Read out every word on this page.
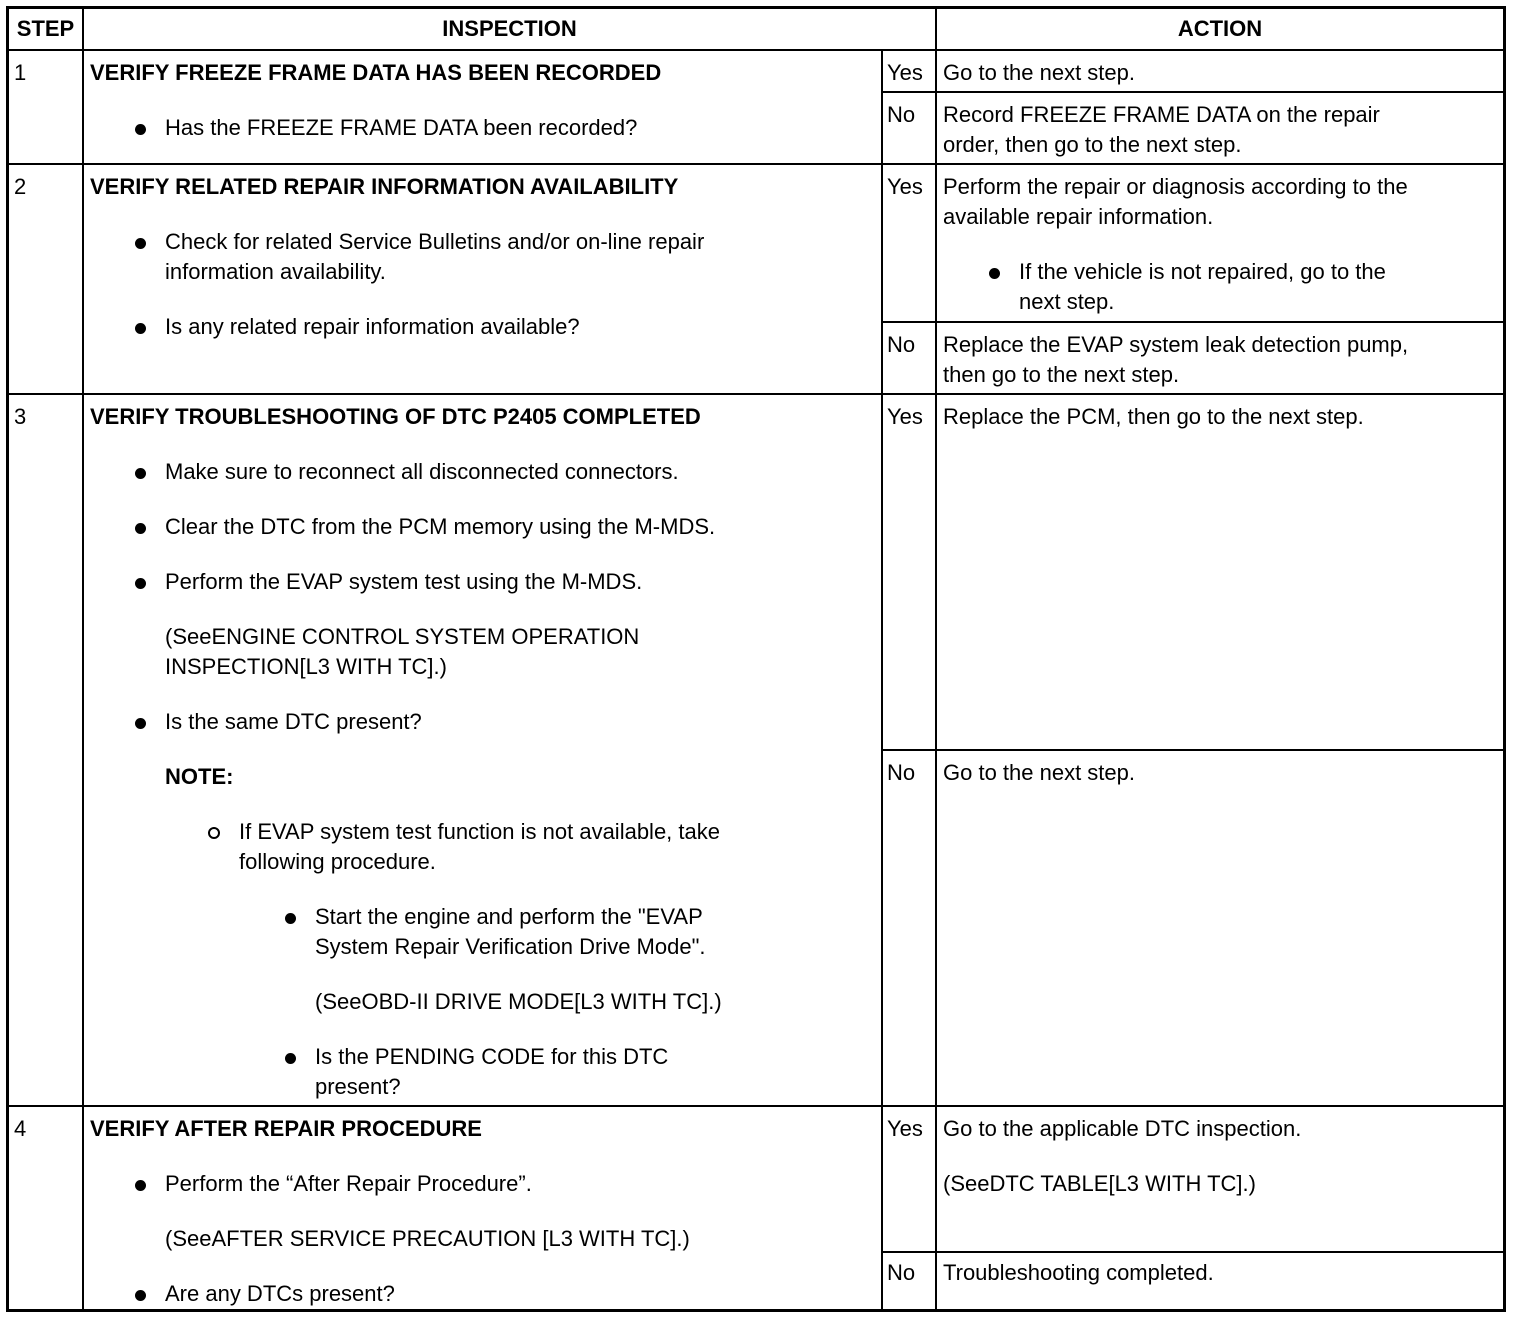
STEP	INSPECTION	ACTION
1	VERIFY FREEZE FRAME DATA HAS BEEN RECORDED
Has the FREEZE FRAME DATA been recorded?
Yes Go to the next step.
No Record FREEZE FRAME DATA on the repair
order, then go to the next step.
2	VERIFY RELATED REPAIR INFORMATION AVAILABILITY
Check for related Service Bulletins and/or on-line repair
information availability.
Is any related repair information available?
Yes Perform the repair or diagnosis according to the
available repair information.
If the vehicle is not repaired, go to the
next step.
No Replace the EVAP system leak detection pump,
then go to the next step.
3	VERIFY TROUBLESHOOTING OF DTC P2405 COMPLETED
Make sure to reconnect all disconnected connectors.
Clear the DTC from the PCM memory using the M-MDS.
Perform the EVAP system test using the M-MDS.
(SeeENGINE CONTROL SYSTEM OPERATION
INSPECTION[L3 WITH TC].)
Is the same DTC present?
NOTE:
If EVAP system test function is not available, take
following procedure.
Start the engine and perform the "EVAP
System Repair Verification Drive Mode".
(SeeOBD-II DRIVE MODE[L3 WITH TC].)
Is the PENDING CODE for this DTC
present?
Yes Replace the PCM, then go to the next step.
No Go to the next step.
4	VERIFY AFTER REPAIR PROCEDURE
Perform the “After Repair Procedure”.
(SeeAFTER SERVICE PRECAUTION [L3 WITH TC].)
Are any DTCs present?
Yes Go to the applicable DTC inspection.
(SeeDTC TABLE[L3 WITH TC].)
No Troubleshooting completed.
